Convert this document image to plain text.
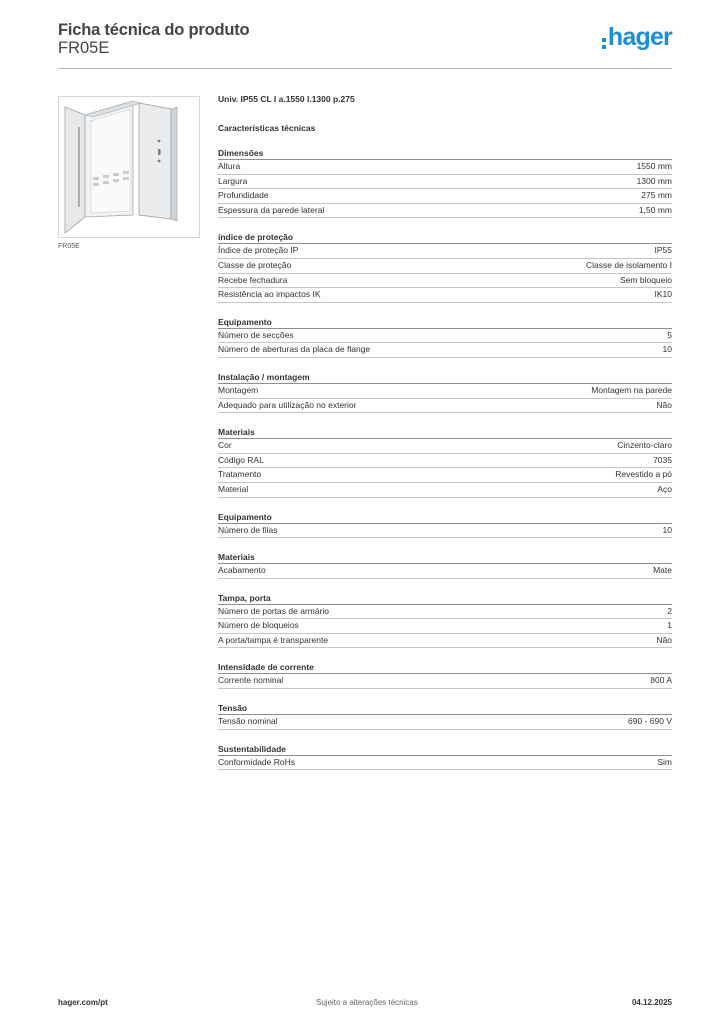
Ficha técnica do produto
FR05E	hager
FR05E
Univ. IP55 CL I a.1550 l.1300 p.275
Características técnicas
Dimensões
Altura	1550 mm
Largura	1300 mm
Profundidade	275 mm
Espessura da parede lateral	1,50 mm
índice de proteção
Índice de proteção IP	IP55
Classe de proteção	Classe de isolamento I
Recebe fechadura	Sem bloqueio
Resistência ao impactos IK	IK10
Equipamento
Número de secções	5
Número de aberturas da placa de flange	10
Instalação / montagem
Montagem	Montagem na parede
Adequado para utilização no exterior	Não
Materiais
Cor	Cinzento-claro
Código RAL	7035
Tratamento	Revestido a pó
Material	Aço
Equipamento
Número de filas	10
Materiais
Acabamento	Mate
Tampa, porta
Número de portas de armário	2
Número de bloqueios	1
A porta/tampa é transparente	Não
Intensidade de corrente
Corrente nominal	800 A
Tensão
Tensão nominal	690 - 690 V
Sustentabilidade
Conformidade RoHs	Sim
hager.com/pt	Sujeito a alterações técnicas	04.12.2025
